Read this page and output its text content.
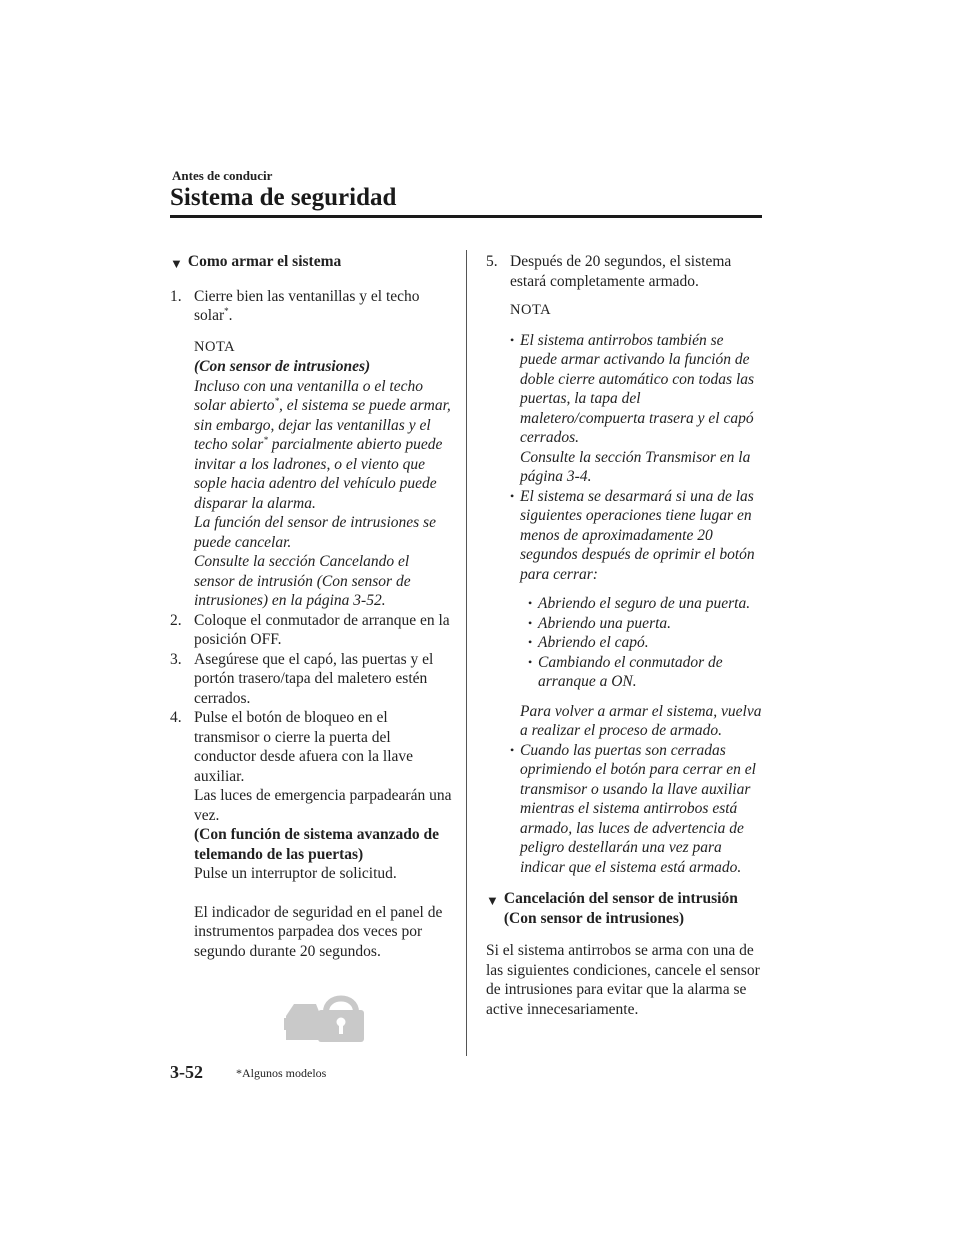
Antes de conducir
Sistema de seguridad
▼ Como armar el sistema
1. Cierre bien las ventanillas y el techo solar*.
NOTA
(Con sensor de intrusiones)
Incluso con una ventanilla o el techo solar abierto*, el sistema se puede armar, sin embargo, dejar las ventanillas y el techo solar* parcialmente abierto puede invitar a los ladrones, o el viento que sople hacia adentro del vehículo puede disparar la alarma.
La función del sensor de intrusiones se puede cancelar.
Consulte la sección Cancelando el sensor de intrusión (Con sensor de intrusiones) en la página 3-52.
2. Coloque el conmutador de arranque en la posición OFF.
3. Asegúrese que el capó, las puertas y el portón trasero/tapa del maletero estén cerrados.
4. Pulse el botón de bloqueo en el transmisor o cierre la puerta del conductor desde afuera con la llave auxiliar.
Las luces de emergencia parpadearán una vez.
(Con función de sistema avanzado de telemando de las puertas)
Pulse un interruptor de solicitud.
El indicador de seguridad en el panel de instrumentos parpadea dos veces por segundo durante 20 segundos.
5. Después de 20 segundos, el sistema estará completamente armado.
NOTA
• El sistema antirrobos también se puede armar activando la función de doble cierre automático con todas las puertas, la tapa del maletero/compuerta trasera y el capó cerrados.
Consulte la sección Transmisor en la página 3-4.
• El sistema se desarmará si una de las siguientes operaciones tiene lugar en menos de aproximadamente 20 segundos después de oprimir el botón para cerrar:
• Abriendo el seguro de una puerta.
• Abriendo una puerta.
• Abriendo el capó.
• Cambiando el conmutador de arranque a ON.
Para volver a armar el sistema, vuelva a realizar el proceso de armado.
• Cuando las puertas son cerradas oprimiendo el botón para cerrar en el transmisor o usando la llave auxiliar mientras el sistema antirrobos está armado, las luces de advertencia de peligro destellarán una vez para indicar que el sistema está armado.
▼ Cancelación del sensor de intrusión
(Con sensor de intrusiones)
Si el sistema antirrobos se arma con una de las siguientes condiciones, cancele el sensor de intrusiones para evitar que la alarma se active innecesariamente.
3-52	*Algunos modelos
